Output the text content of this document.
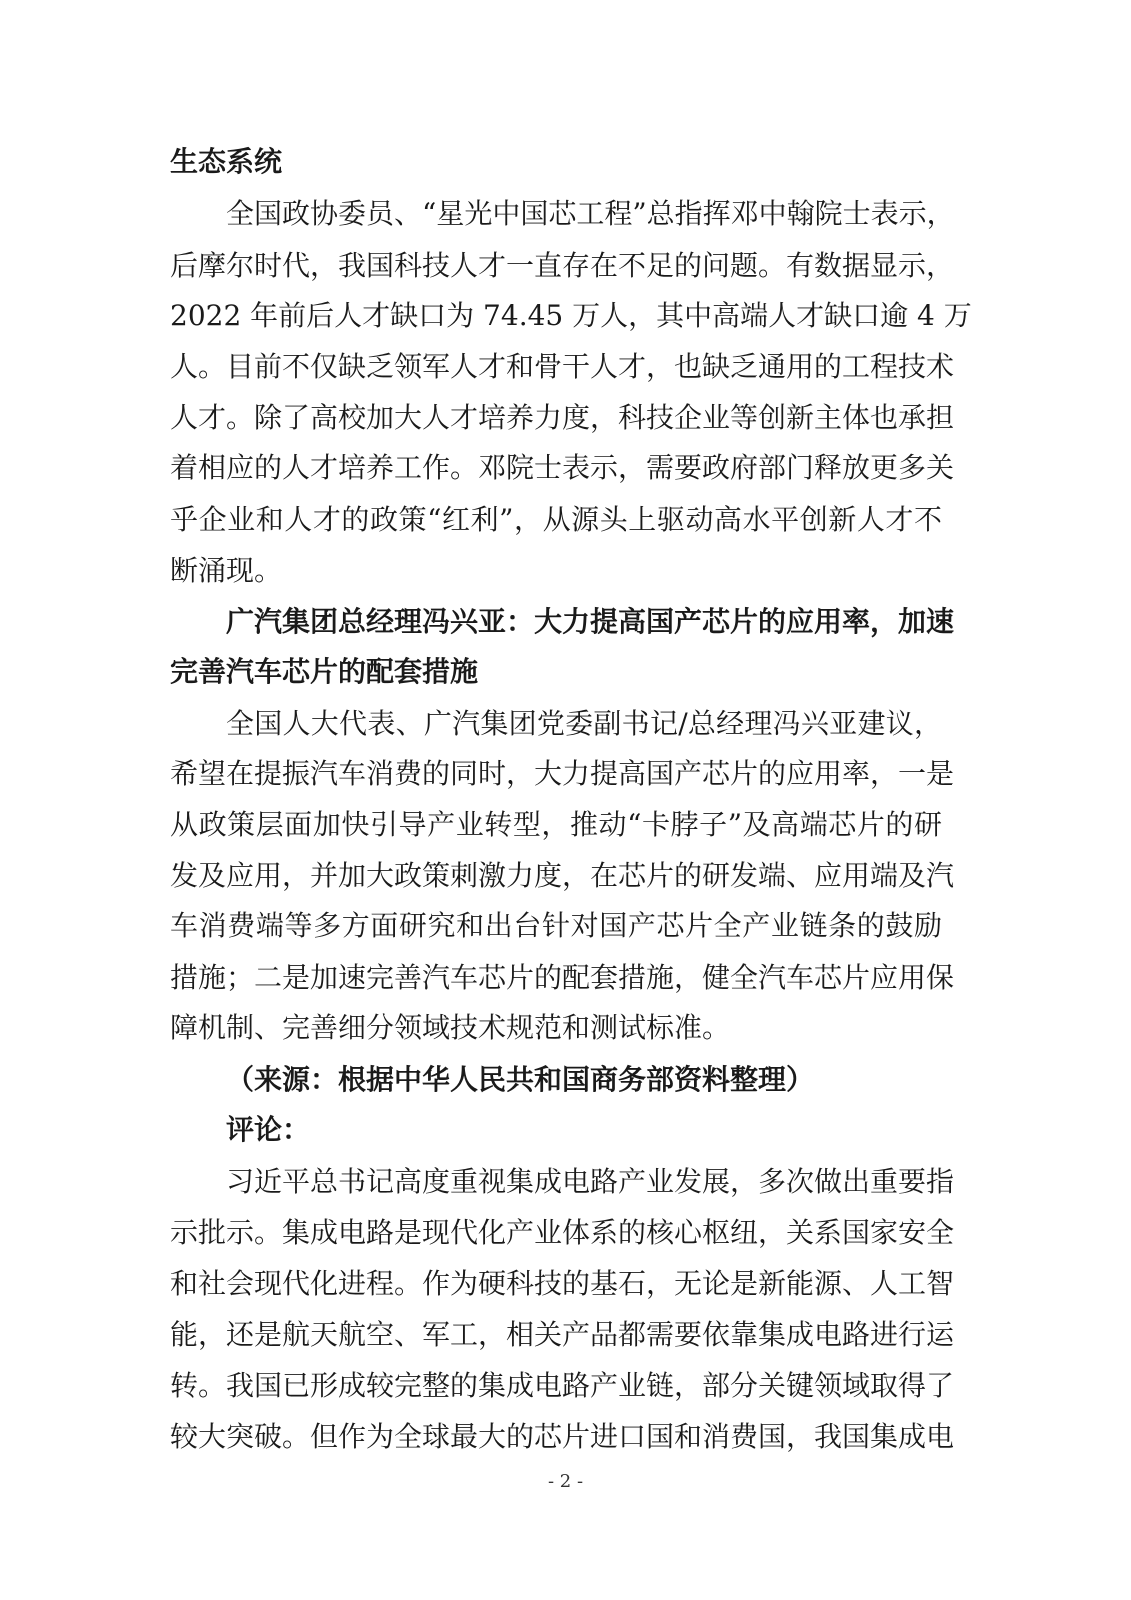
生态系统
全国政协委员、“星光中国芯工程”总指挥邓中翰院士表示，
后摩尔时代，我国科技人才一直存在不足的问题。有数据显示，
2022 年前后人才缺口为 74.45 万人，其中高端人才缺口逾 4 万
人。目前不仅缺乏领军人才和骨干人才，也缺乏通用的工程技术
人才。除了高校加大人才培养力度，科技企业等创新主体也承担
着相应的人才培养工作。邓院士表示，需要政府部门释放更多关
乎企业和人才的政策“红利”，从源头上驱动高水平创新人才不
断涌现。
广汽集团总经理冯兴亚：大力提高国产芯片的应用率，加速
完善汽车芯片的配套措施
全国人大代表、广汽集团党委副书记/总经理冯兴亚建议，
希望在提振汽车消费的同时，大力提高国产芯片的应用率，一是
从政策层面加快引导产业转型，推动“卡脖子”及高端芯片的研
发及应用，并加大政策刺激力度，在芯片的研发端、应用端及汽
车消费端等多方面研究和出台针对国产芯片全产业链条的鼓励
措施；二是加速完善汽车芯片的配套措施，健全汽车芯片应用保
障机制、完善细分领域技术规范和测试标准。
（来源：根据中华人民共和国商务部资料整理）
评论：
习近平总书记高度重视集成电路产业发展，多次做出重要指
示批示。集成电路是现代化产业体系的核心枢纽，关系国家安全
和社会现代化进程。作为硬科技的基石，无论是新能源、人工智
能，还是航天航空、军工，相关产品都需要依靠集成电路进行运
转。我国已形成较完整的集成电路产业链，部分关键领域取得了
较大突破。但作为全球最大的芯片进口国和消费国，我国集成电
- 2 -
